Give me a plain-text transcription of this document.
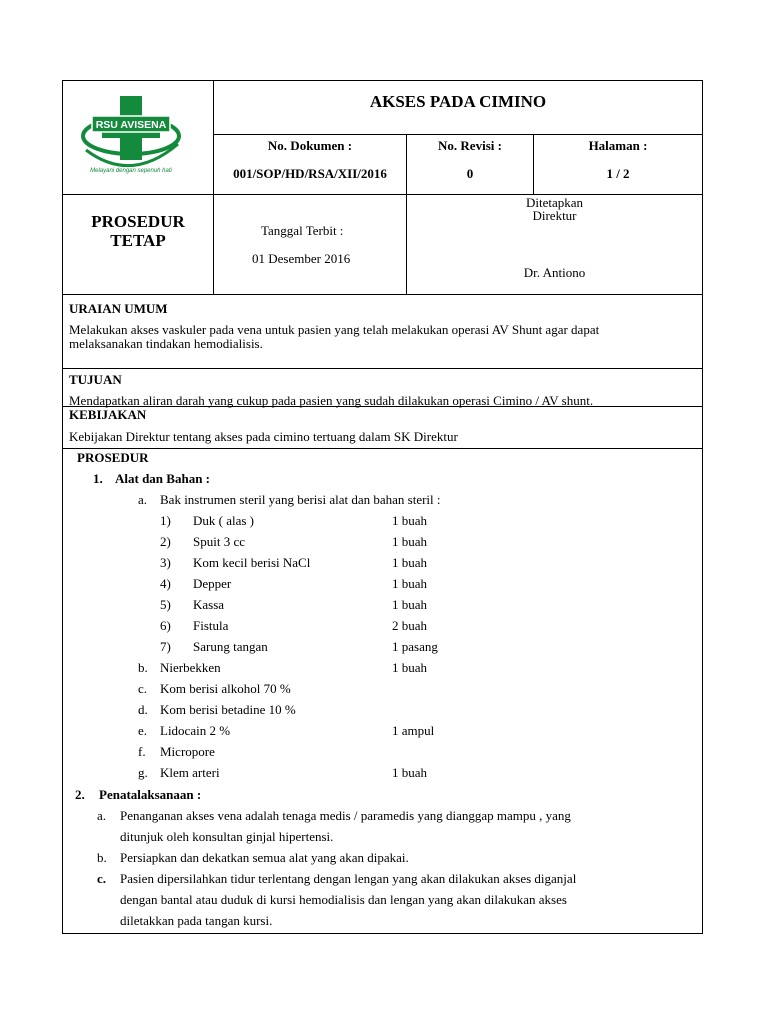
RSU AVISENA
Melayani dengan sepenuh hati
AKSES PADA CIMINO
No. Dokumen :
001/SOP/HD/RSA/XII/2016
No. Revisi :
0
Halaman :
1 / 2
PROSEDUR
TETAP
Tanggal Terbit :
01 Desember 2016
Ditetapkan
Direktur
Dr. Antiono
URAIAN UMUM
Melakukan akses vaskuler pada vena untuk pasien yang telah melakukan operasi AV Shunt agar dapat
melaksanakan tindakan hemodialisis.
TUJUAN
Mendapatkan aliran darah yang cukup pada pasien yang sudah dilakukan operasi Cimino / AV shunt.
KEBIJAKAN
Kebijakan Direktur tentang akses pada cimino tertuang dalam SK Direktur
PROSEDUR
1. Alat dan Bahan :
a. Bak instrumen steril yang berisi alat dan bahan steril :
1) Duk ( alas )	1 buah
2) Spuit 3 cc	1 buah
3) Kom kecil berisi NaCl	1 buah
4) Depper	1 buah
5) Kassa	1 buah
6) Fistula	2 buah
7) Sarung tangan	1 pasang
b. Nierbekken	1 buah
c. Kom berisi alkohol 70 %
d. Kom berisi betadine 10 %
e. Lidocain 2 %	1 ampul
f. Micropore
g. Klem arteri	1 buah
2. Penatalaksanaan :
a. Penanganan akses vena adalah tenaga medis / paramedis yang dianggap mampu , yang
ditunjuk oleh konsultan ginjal hipertensi.
b. Persiapkan dan dekatkan semua alat yang akan dipakai.
c. Pasien dipersilahkan tidur terlentang dengan lengan yang akan dilakukan akses diganjal
dengan bantal atau duduk di kursi hemodialisis dan lengan yang akan dilakukan akses
diletakkan pada tangan kursi.
